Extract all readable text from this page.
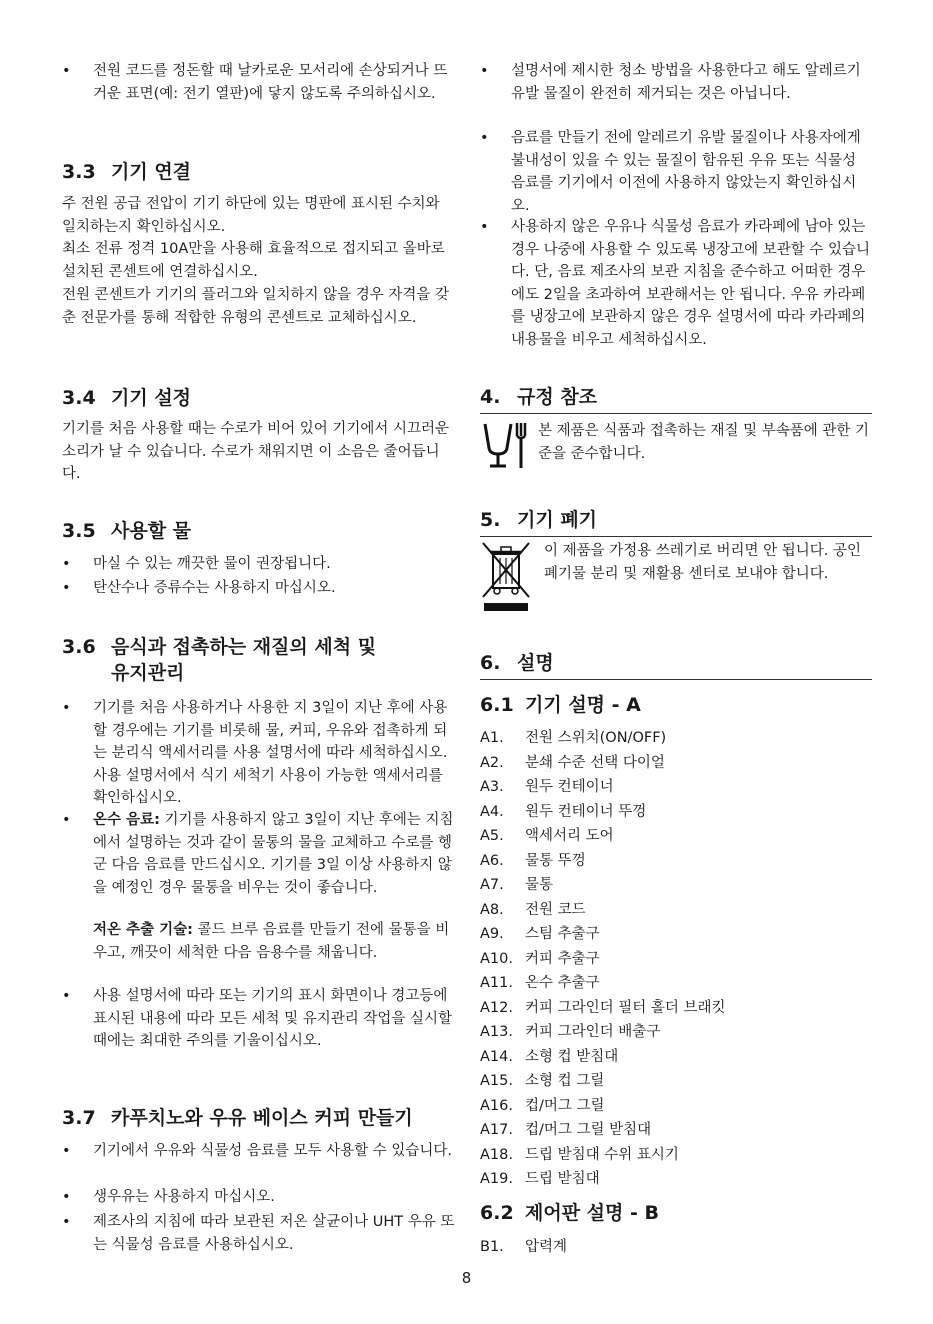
• 전원 코드를 정돈할 때 날카로운 모서리에 손상되거나 뜨거운 표면(예: 전기 열판)에 닿지 않도록 주의하십시오.
3.3 기기 연결
주 전원 공급 전압이 기기 하단에 있는 명판에 표시된 수치와 일치하는지 확인하십시오.
최소 전류 정격 10A만을 사용해 효율적으로 접지되고 올바로 설치된 콘센트에 연결하십시오.
전원 콘센트가 기기의 플러그와 일치하지 않을 경우 자격을 갖춘 전문가를 통해 적합한 유형의 콘센트로 교체하십시오.
3.4 기기 설정
기기를 처음 사용할 때는 수로가 비어 있어 기기에서 시끄러운 소리가 날 수 있습니다. 수로가 채워지면 이 소음은 줄어듭니다.
3.5 사용할 물
• 마실 수 있는 깨끗한 물이 권장됩니다.
• 탄산수나 증류수는 사용하지 마십시오.
3.6 음식과 접촉하는 재질의 세척 및 유지관리
• 기기를 처음 사용하거나 사용한 지 3일이 지난 후에 사용할 경우에는 기기를 비롯해 물, 커피, 우유와 접촉하게 되는 분리식 액세서리를 사용 설명서에 따라 세척하십시오. 사용 설명서에서 식기 세척기 사용이 가능한 액세서리를 확인하십시오.
• 온수 음료: 기기를 사용하지 않고 3일이 지난 후에는 지침에서 설명하는 것과 같이 물통의 물을 교체하고 수로를 헹군 다음 음료를 만드십시오. 기기를 3일 이상 사용하지 않을 예정인 경우 물통을 비우는 것이 좋습니다.
저온 추출 기술: 콜드 브루 음료를 만들기 전에 물통을 비우고, 깨끗이 세척한 다음 음용수를 채웁니다.
• 사용 설명서에 따라 또는 기기의 표시 화면이나 경고등에 표시된 내용에 따라 모든 세척 및 유지관리 작업을 실시할 때에는 최대한 주의를 기울이십시오.
3.7 카푸치노와 우유 베이스 커피 만들기
• 기기에서 우유와 식물성 음료를 모두 사용할 수 있습니다.
• 생우유는 사용하지 마십시오.
• 제조사의 지침에 따라 보관된 저온 살균이나 UHT 우유 또는 식물성 음료를 사용하십시오.
• 설명서에 제시한 청소 방법을 사용한다고 해도 알레르기 유발 물질이 완전히 제거되는 것은 아닙니다.
• 음료를 만들기 전에 알레르기 유발 물질이나 사용자에게 불내성이 있을 수 있는 물질이 함유된 우유 또는 식물성 음료를 기기에서 이전에 사용하지 않았는지 확인하십시오.
• 사용하지 않은 우유나 식물성 음료가 카라페에 남아 있는 경우 나중에 사용할 수 있도록 냉장고에 보관할 수 있습니다. 단, 음료 제조사의 보관 지침을 준수하고 어떠한 경우에도 2일을 초과하여 보관해서는 안 됩니다. 우유 카라페를 냉장고에 보관하지 않은 경우 설명서에 따라 카라페의 내용물을 비우고 세척하십시오.
4. 규정 참조
본 제품은 식품과 접촉하는 재질 및 부속품에 관한 기준을 준수합니다.
5. 기기 폐기
이 제품을 가정용 쓰레기로 버리면 안 됩니다. 공인 폐기물 분리 및 재활용 센터로 보내야 합니다.
6. 설명
6.1 기기 설명 - A
A1. 전원 스위치(ON/OFF)
A2. 분쇄 수준 선택 다이얼
A3. 원두 컨테이너
A4. 원두 컨테이너 뚜껑
A5. 액세서리 도어
A6. 물통 뚜껑
A7. 물통
A8. 전원 코드
A9. 스팀 추출구
A10. 커피 추출구
A11. 온수 추출구
A12. 커피 그라인더 필터 홀더 브래킷
A13. 커피 그라인더 배출구
A14. 소형 컵 받침대
A15. 소형 컵 그릴
A16. 컵/머그 그릴
A17. 컵/머그 그릴 받침대
A18. 드립 받침대 수위 표시기
A19. 드립 받침대
6.2 제어판 설명 - B
B1. 압력계
8
